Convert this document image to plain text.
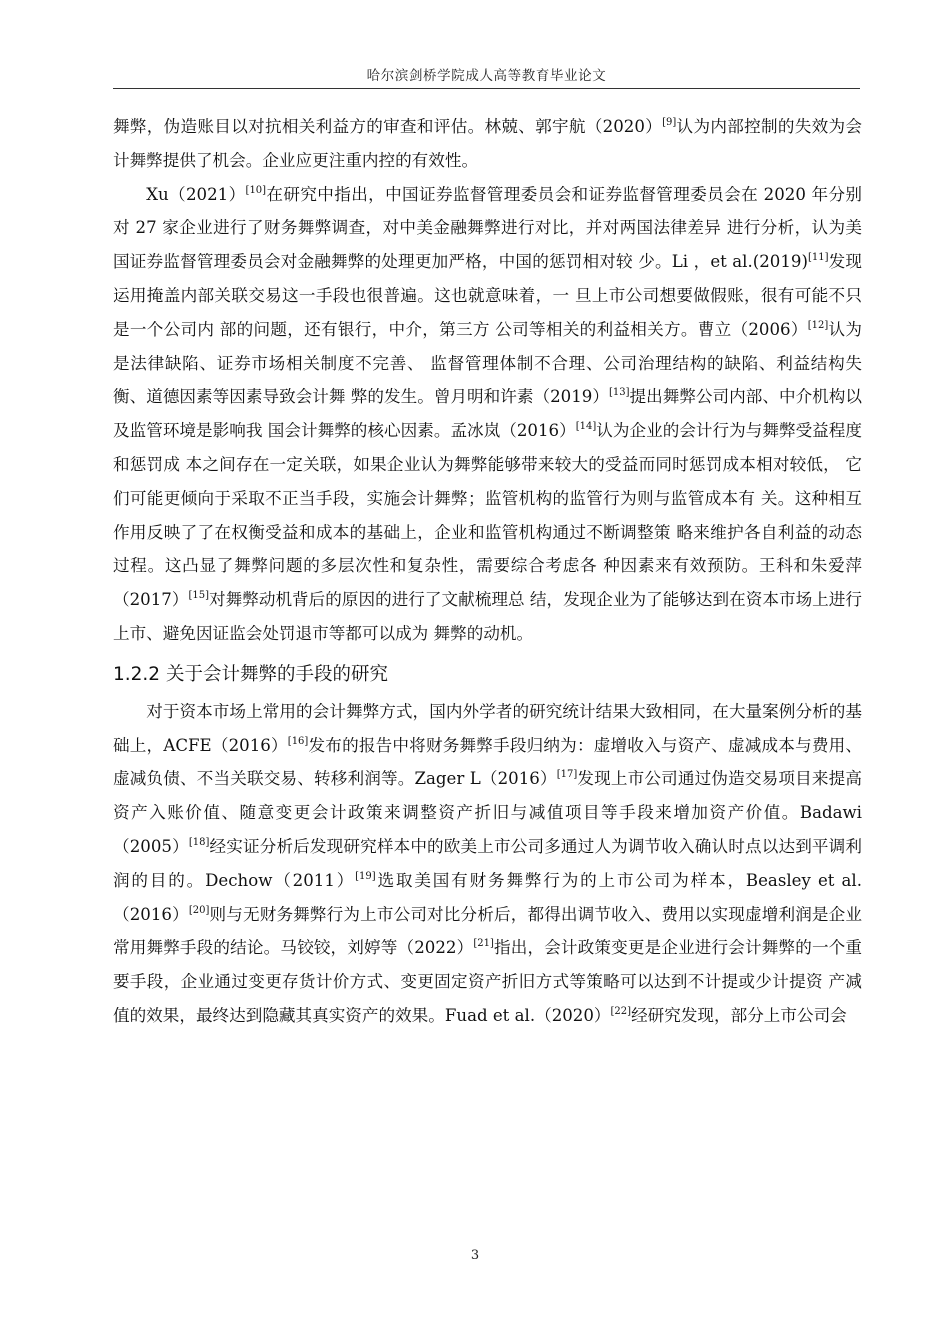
哈尔滨剑桥学院成人高等教育毕业论文

舞弊，伪造账目以对抗相关利益方的审查和评估。林兢、郭宇航（2020）[9]认为内部控制的失效为会计舞弊提供了机会。企业应更注重内控的有效性。

Xu（2021）[10]在研究中指出，中国证券监督管理委员会和证券监督管理委员会在 2020 年分别对 27 家企业进行了财务舞弊调查，对中美金融舞弊进行对比，并对两国法律差异 进行分析，认为美国证券监督管理委员会对金融舞弊的处理更加严格，中国的惩罚相对较 少。Li ，et al.(2019)[11]发现运用掩盖内部关联交易这一手段也很普遍。这也就意味着，一 旦上市公司想要做假账，很有可能不只是一个公司内 部的问题，还有银行，中介，第三方 公司等相关的利益相关方。曹立（2006）[12]认为是法律缺陷、证券市场相关制度不完善、 监督管理体制不合理、公司治理结构的缺陷、利益结构失衡、道德因素等因素导致会计舞 弊的发生。曾月明和许素（2019）[13]提出舞弊公司内部、中介机构以及监管环境是影响我 国会计舞弊的核心因素。孟冰岚（2016）[14]认为企业的会计行为与舞弊受益程度和惩罚成 本之间存在一定关联，如果企业认为舞弊能够带来较大的受益而同时惩罚成本相对较低， 它们可能更倾向于采取不正当手段，实施会计舞弊；监管机构的监管行为则与监管成本有 关。这种相互作用反映了了在权衡受益和成本的基础上，企业和监管机构通过不断调整策 略来维护各自利益的动态过程。这凸显了舞弊问题的多层次性和复杂性，需要综合考虑各 种因素来有效预防。王科和朱爱萍（2017）[15]对舞弊动机背后的原因的进行了文献梳理总 结，发现企业为了能够达到在资本市场上进行上市、避免因证监会处罚退市等都可以成为 舞弊的动机。

1.2.2 关于会计舞弊的手段的研究

对于资本市场上常用的会计舞弊方式，国内外学者的研究统计结果大致相同，在大量案例分析的基础上，ACFE（2016）[16]发布的报告中将财务舞弊手段归纳为：虚增收入与资产、虚减成本与费用、虚减负债、不当关联交易、转移利润等。Zager L（2016）[17]发现上市公司通过伪造交易项目来提高资产入账价值、随意变更会计政策来调整资产折旧与减值项目等手段来增加资产价值。Badawi（2005）[18]经实证分析后发现研究样本中的欧美上市公司多通过人为调节收入确认时点以达到平调利润的目的。Dechow（2011）[19]选取美国有财务舞弊行为的上市公司为样本，Beasley et al.（2016）[20]则与无财务舞弊行为上市公司对比分析后，都得出调节收入、费用以实现虚增利润是企业常用舞弊手段的结论。马铰铰，刘婷等（2022）[21]指出，会计政策变更是企业进行会计舞弊的一个重要手段，企业通过变更存货计价方式、变更固定资产折旧方式等策略可以达到不计提或少计提资 产减值的效果，最终达到隐藏其真实资产的效果。Fuad et al.（2020）[22]经研究发现，部分上市公司会

3
